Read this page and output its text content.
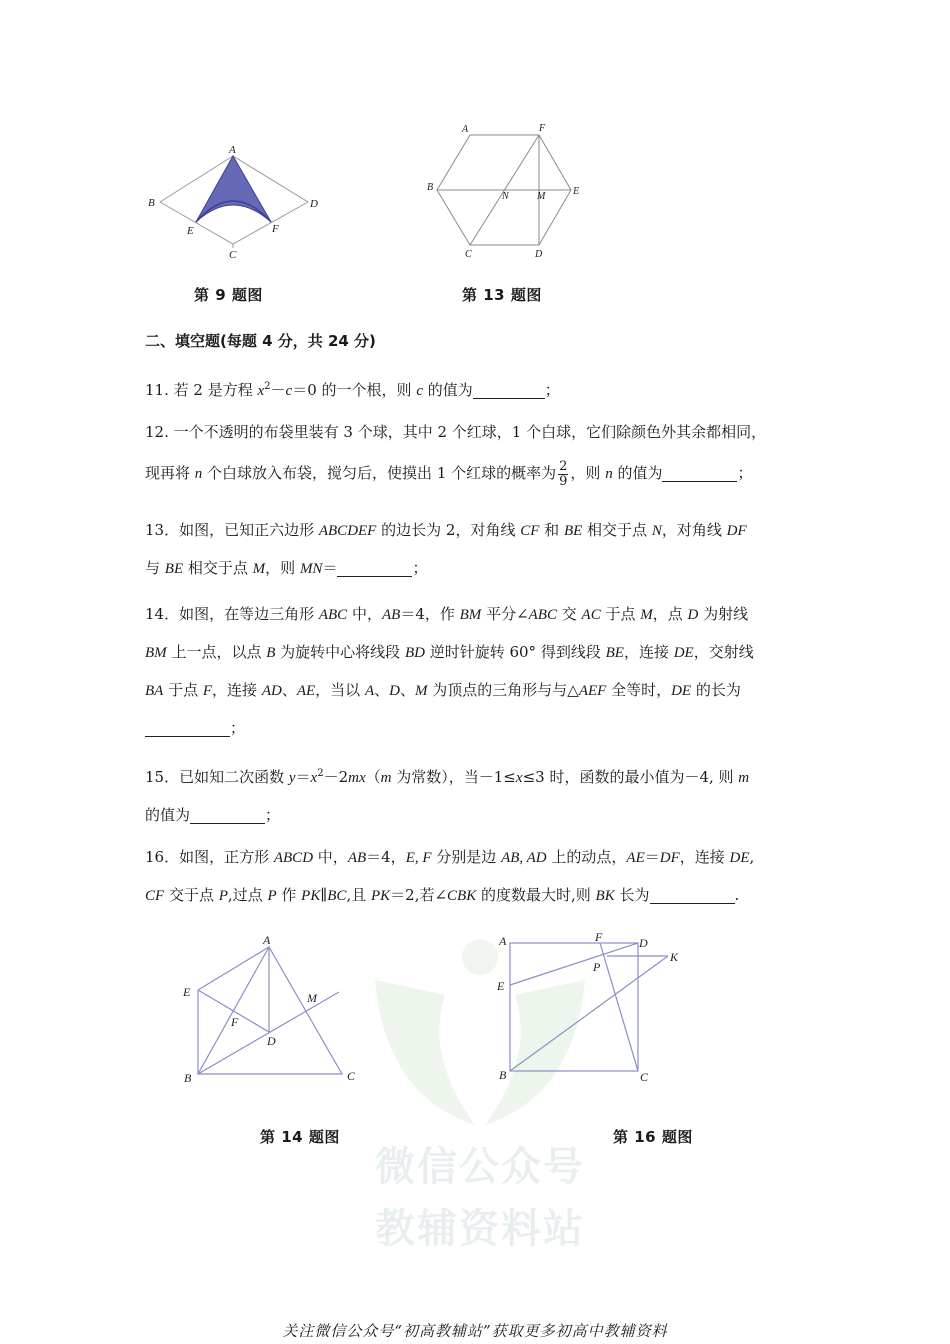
A
B	D
E	F
C
第 9 题图
A	F
B
N	M	E
C	D
第 13 题图
二、填空题(每题 4 分，共 24 分)
11. 若 2 是方程 $x^2-c=0$ 的一个根，则 c 的值为	；
12. 一个不透明的布袋里装有 3 个球，其中 2 个红球，1 个白球，它们除颜色外其余都相同，
现再将 n 个白球放入布袋，搅匀后，使摸出 1 个红球的概率为 $\frac{2}{9}$ ，则 n 的值为	；
13．如图，已知正六边形 ABCDEF 的边长为 2，对角线 CF 和 BE 相交于点 N，对角线 DF
与 BE 相交于点 M，则 MN＝	；
14．如图，在等边三角形 ABC 中，AB＝4，作 BM 平分∠ABC 交 AC 于点 M，点 D 为射线
BM 上一点，以点 B 为旋转中心将线段 BD 逆时针旋转 60° 得到线段 BE，连接 DE，交射线
BA 于点 F，连接 AD、AE，当以 A、D、M 为顶点的三角形与与△AEF 全等时，DE 的长为
；
15．已如知二次函数 $y=x^2-2mx(m$ 为常数），当－1≤x≤3 时，函数的最小值为－4, 则 m
的值为	；
16．如图，正方形 ABCD 中，AB＝4，E, F 分别是边 AB, AD 上的动点，AE＝DF，连接 DE,
CF 交于点 P,过点 P 作 PK∥BC,且 PK＝2,若∠CBK 的度数最大时,则 BK 长为	.
微信公众号
教辅资料站
A
E	M
F
D
B	C
第 14 题图
A	F	D
K
P
E
B	C
第 16 题图
关注微信公众号“初高教辅站”获取更多初高中教辅资料
